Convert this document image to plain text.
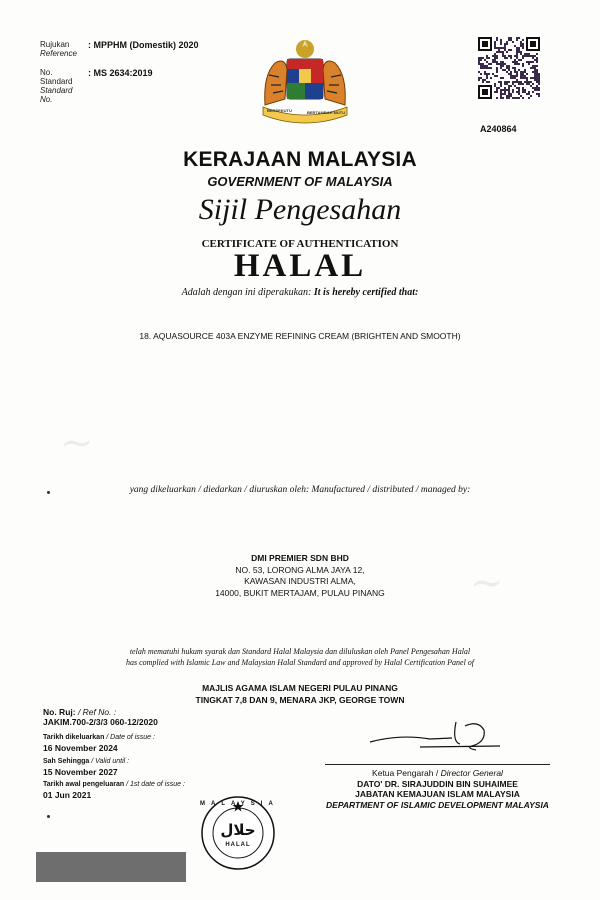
~
~
Rujukan
Reference
: MPPHM (Domestik) 2020
No.
Standard
Standard
No.
: MS 2634:2019
BERSEKUTU	BERTAMBAH MUTU
A240864
KERAJAAN MALAYSIA
GOVERNMENT OF MALAYSIA
Sijil Pengesahan
CERTIFICATE OF AUTHENTICATION
HALAL
Adalah dengan ini diperakukan: It is hereby certified that:
18. AQUASOURCE 403A ENZYME REFINING CREAM (BRIGHTEN AND SMOOTH)
yang dikeluarkan / diedarkan / diuruskan oleh: Manufactured / distributed / managed by:
DMI PREMIER SDN BHD
NO. 53, LORONG ALMA JAYA 12,
KAWASAN INDUSTRI ALMA,
14000, BUKIT MERTAJAM, PULAU PINANG
telah mematuhi hukum syarak dan Standard Halal Malaysia dan diluluskan oleh Panel Pengesahan Halal
has complied with Islamic Law and Malaysian Halal Standard and approved by Halal Certification Panel of
MAJLIS AGAMA ISLAM NEGERI PULAU PINANG
TINGKAT 7,8 DAN 9, MENARA JKP, GEORGE TOWN
No. Ruj: / Ref No. :
JAKIM.700-2/3/3 060-12/2020
Tarikh dikeluarkan / Date of issue :
16 November 2024
Sah Sehingga / Valid until :
15 November 2027
Tarikh awal pengeluaran / 1st date of issue :
01 Jun 2021
Ketua Pengarah / Director General
DATO' DR. SIRAJUDDIN BIN SUHAIMEE
JABATAN KEMAJUAN ISLAM MALAYSIA
DEPARTMENT OF ISLAMIC DEVELOPMENT MALAYSIA
MALAYSIA
حلال
HALAL
